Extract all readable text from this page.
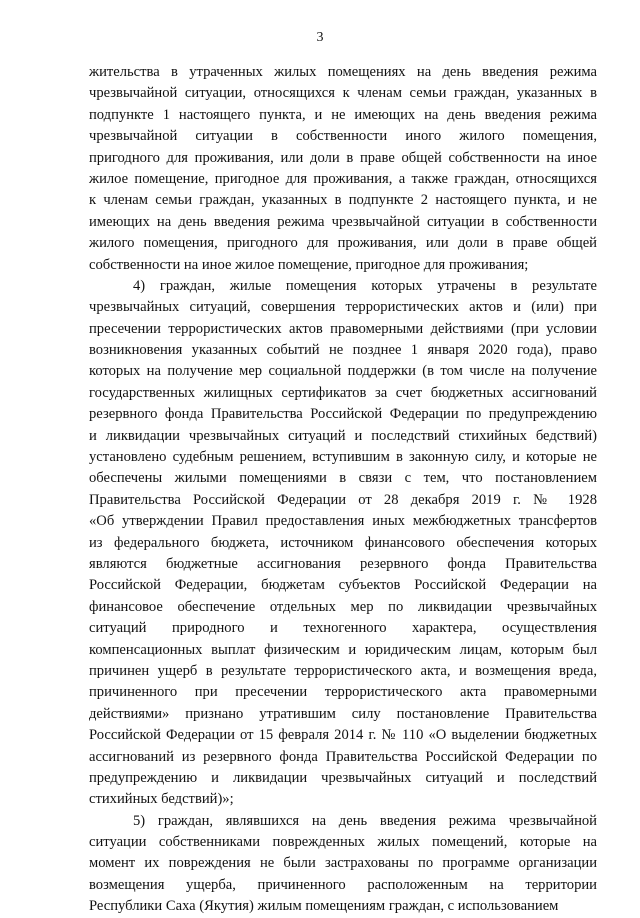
3
жительства в утраченных жилых помещениях на день введения режима
чрезвычайной ситуации, относящихся к членам семьи граждан, указанных в
подпункте 1 настоящего пункта, и не имеющих на день введения режима
чрезвычайной ситуации в собственности иного жилого помещения,
пригодного для проживания, или доли в праве общей собственности на иное
жилое помещение, пригодное для проживания, а также граждан, относящихся
к членам семьи граждан, указанных в подпункте 2 настоящего пункта, и не
имеющих на день введения режима чрезвычайной ситуации в собственности
жилого помещения, пригодного для проживания, или доли в праве общей
собственности на иное жилое помещение, пригодное для проживания;
4) граждан, жилые помещения которых утрачены в результате
чрезвычайных ситуаций, совершения террористических актов и (или) при
пресечении террористических актов правомерными действиями (при условии
возникновения указанных событий не позднее 1 января 2020 года), право
которых на получение мер социальной поддержки (в том числе на получение
государственных жилищных сертификатов за счет бюджетных ассигнований
резервного фонда Правительства Российской Федерации по предупреждению
и ликвидации чрезвычайных ситуаций и последствий стихийных бедствий)
установлено судебным решением, вступившим в законную силу, и которые не
обеспечены жилыми помещениями в связи с тем, что постановлением
Правительства Российской Федерации от 28 декабря 2019 г. № 1928
«Об утверждении Правил предоставления иных межбюджетных трансфертов
из федерального бюджета, источником финансового обеспечения которых
являются бюджетные ассигнования резервного фонда Правительства
Российской Федерации, бюджетам субъектов Российской Федерации на
финансовое обеспечение отдельных мер по ликвидации чрезвычайных
ситуаций природного и техногенного характера, осуществления
компенсационных выплат физическим и юридическим лицам, которым был
причинен ущерб в результате террористического акта, и возмещения вреда,
причиненного при пресечении террористического акта правомерными
действиями» признано утратившим силу постановление Правительства
Российской Федерации от 15 февраля 2014 г. № 110 «О выделении бюджетных
ассигнований из резервного фонда Правительства Российской Федерации по
предупреждению и ликвидации чрезвычайных ситуаций и последствий
стихийных бедствий)»;
5) граждан, являвшихся на день введения режима чрезвычайной
ситуации собственниками поврежденных жилых помещений, которые на
момент их повреждения не были застрахованы по программе организации
возмещения ущерба, причиненного расположенным на территории
Республики Саха (Якутия) жилым помещениям граждан, с использованием
